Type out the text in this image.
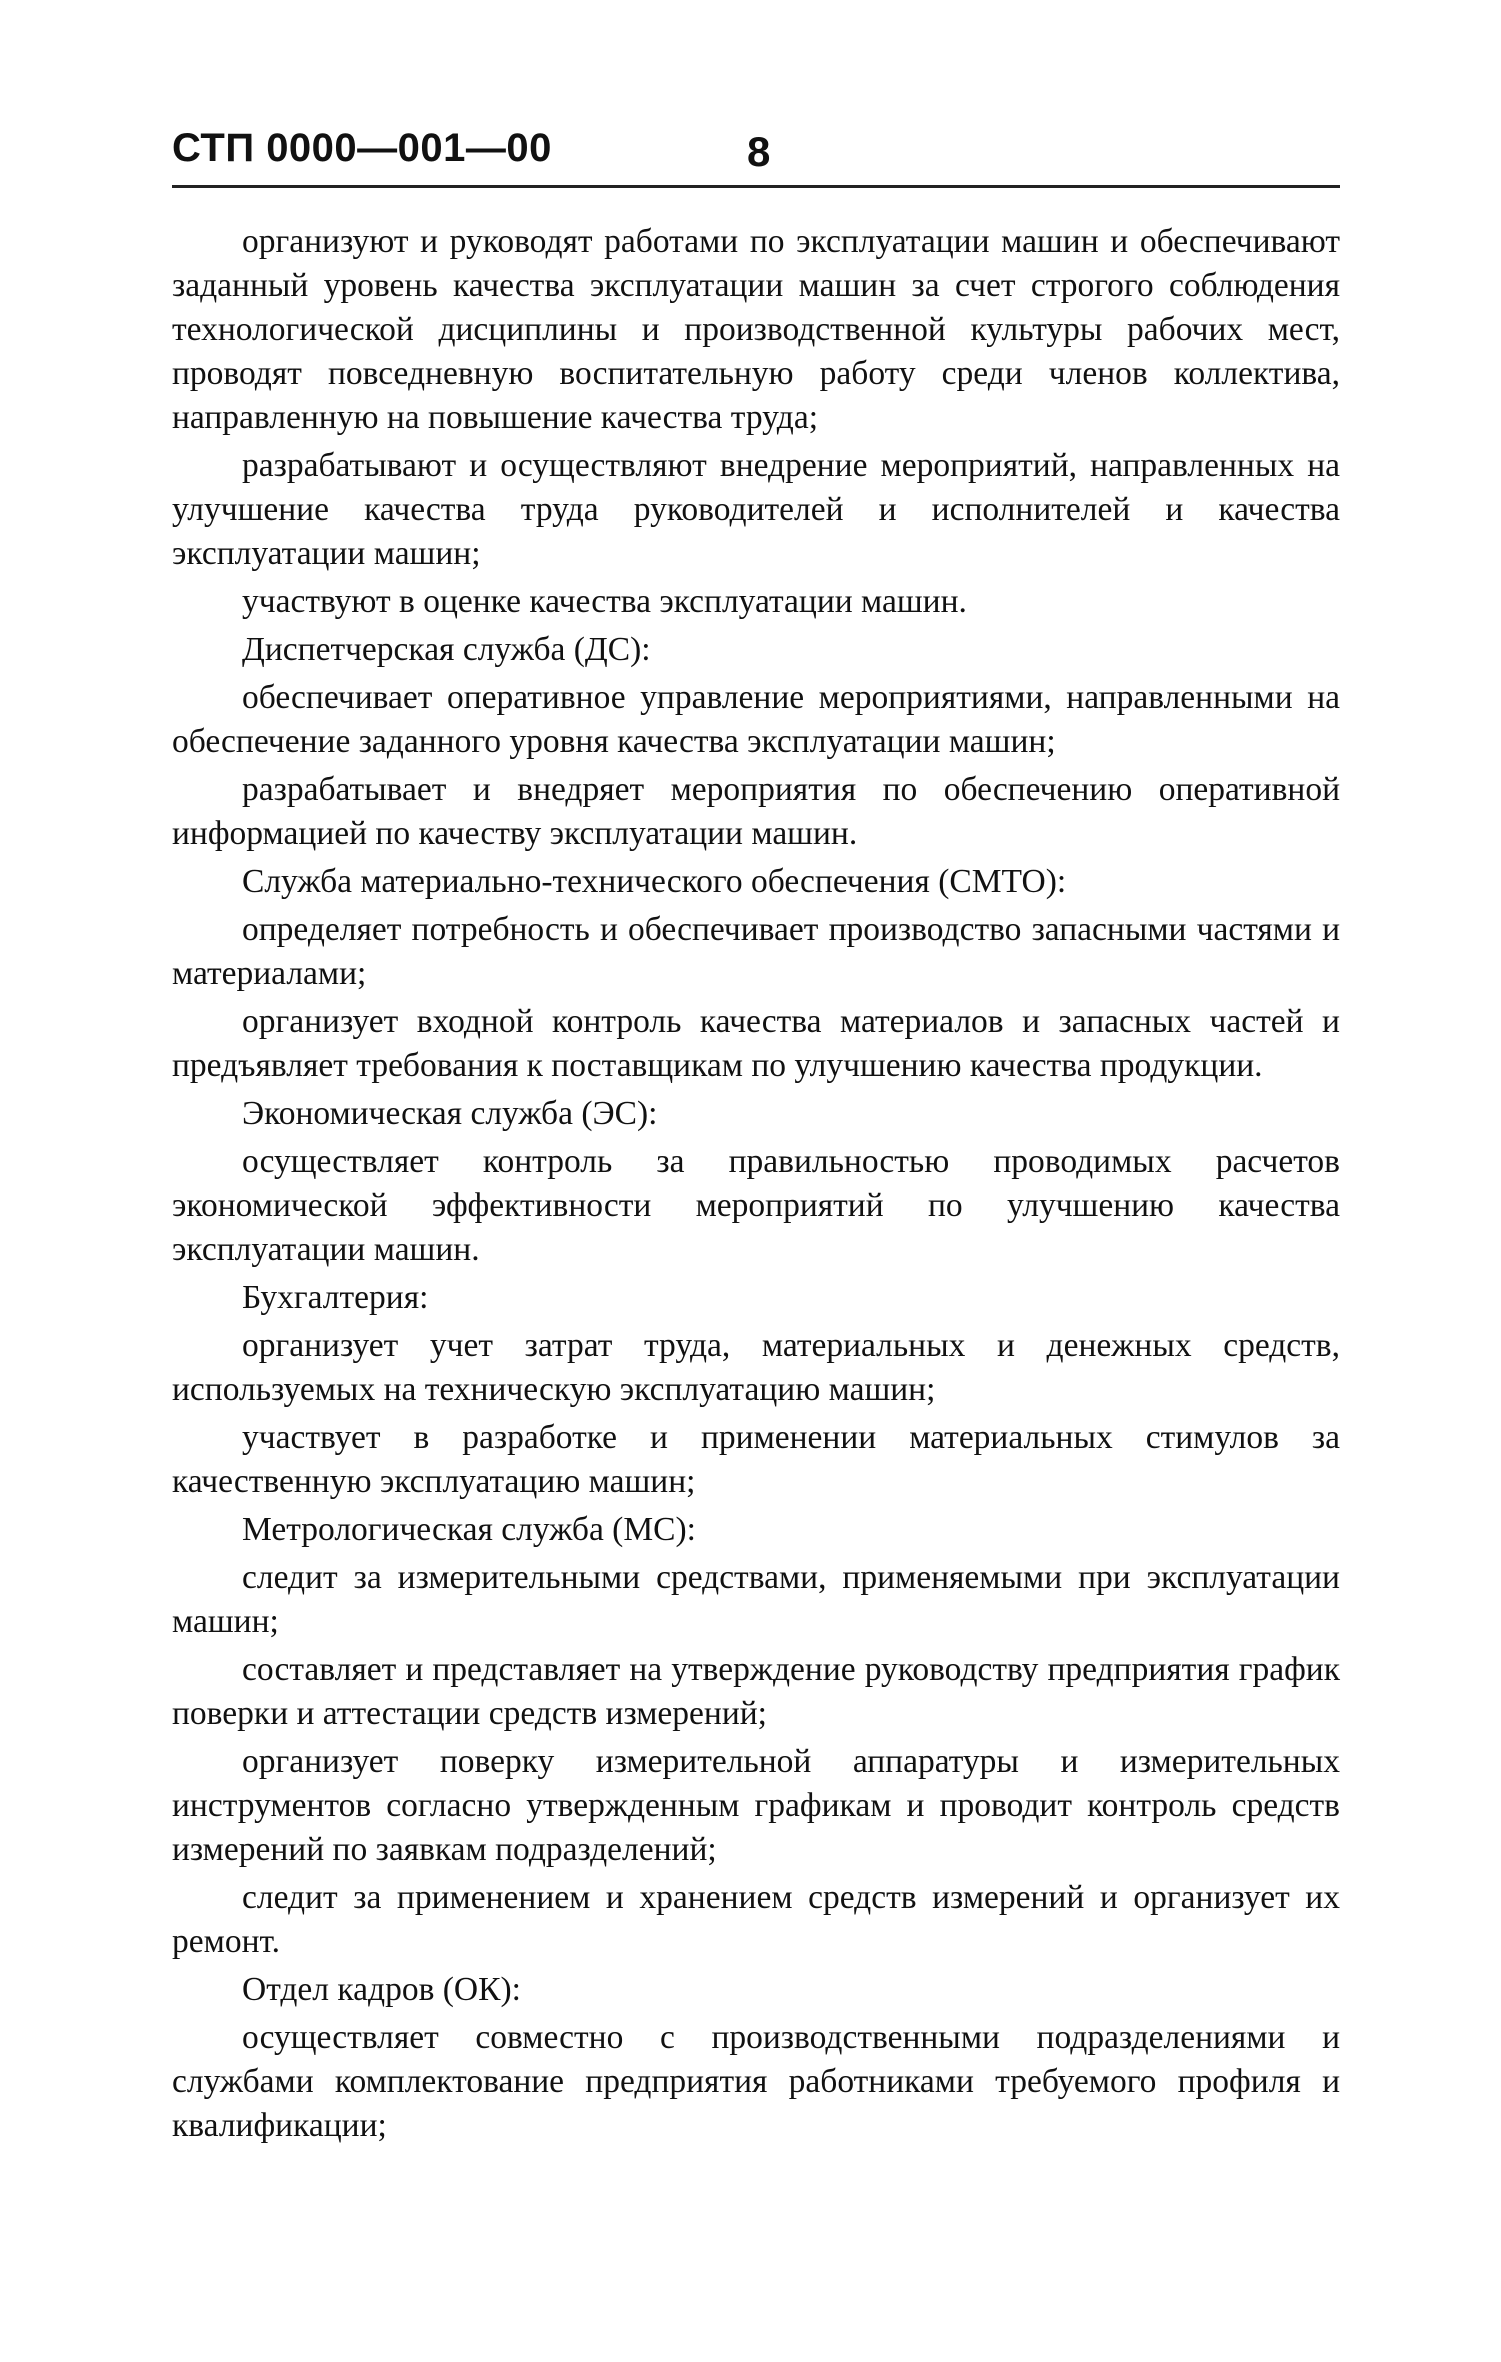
СТП 0000—001—00	8

организуют и руководят работами по эксплуатации машин и обеспечивают заданный уровень качества эксплуатации машин за счет строгого соблюдения технологической дисциплины и производственной культуры рабочих мест, проводят повседневную воспитательную работу среди членов коллектива, направленную на повышение качества труда;

разрабатывают и осуществляют внедрение мероприятий, направленных на улучшение качества труда руководителей и исполнителей и качества эксплуатации машин;

участвуют в оценке качества эксплуатации машин.

Диспетчерская служба (ДС):

обеспечивает оперативное управление мероприятиями, направленными на обеспечение заданного уровня качества эксплуатации машин;

разрабатывает и внедряет мероприятия по обеспечению оперативной информацией по качеству эксплуатации машин.

Служба материально-технического обеспечения (СМТО):

определяет потребность и обеспечивает производство запасными частями и материалами;

организует входной контроль качества материалов и запасных частей и предъявляет требования к поставщикам по улучшению качества продукции.

Экономическая служба (ЭС):

осуществляет контроль за правильностью проводимых расчетов экономической эффективности мероприятий по улучшению качества эксплуатации машин.

Бухгалтерия:

организует учет затрат труда, материальных и денежных средств, используемых на техническую эксплуатацию машин;

участвует в разработке и применении материальных стимулов за качественную эксплуатацию машин;

Метрологическая служба (МС):

следит за измерительными средствами, применяемыми при эксплуатации машин;

составляет и представляет на утверждение руководству предприятия график поверки и аттестации средств измерений;

организует поверку измерительной аппаратуры и измерительных инструментов согласно утвержденным графикам и проводит контроль средств измерений по заявкам подразделений;

следит за применением и хранением средств измерений и организует их ремонт.

Отдел кадров (ОК):

осуществляет совместно с производственными подразделениями и службами комплектование предприятия работниками требуемого профиля и квалификации;
